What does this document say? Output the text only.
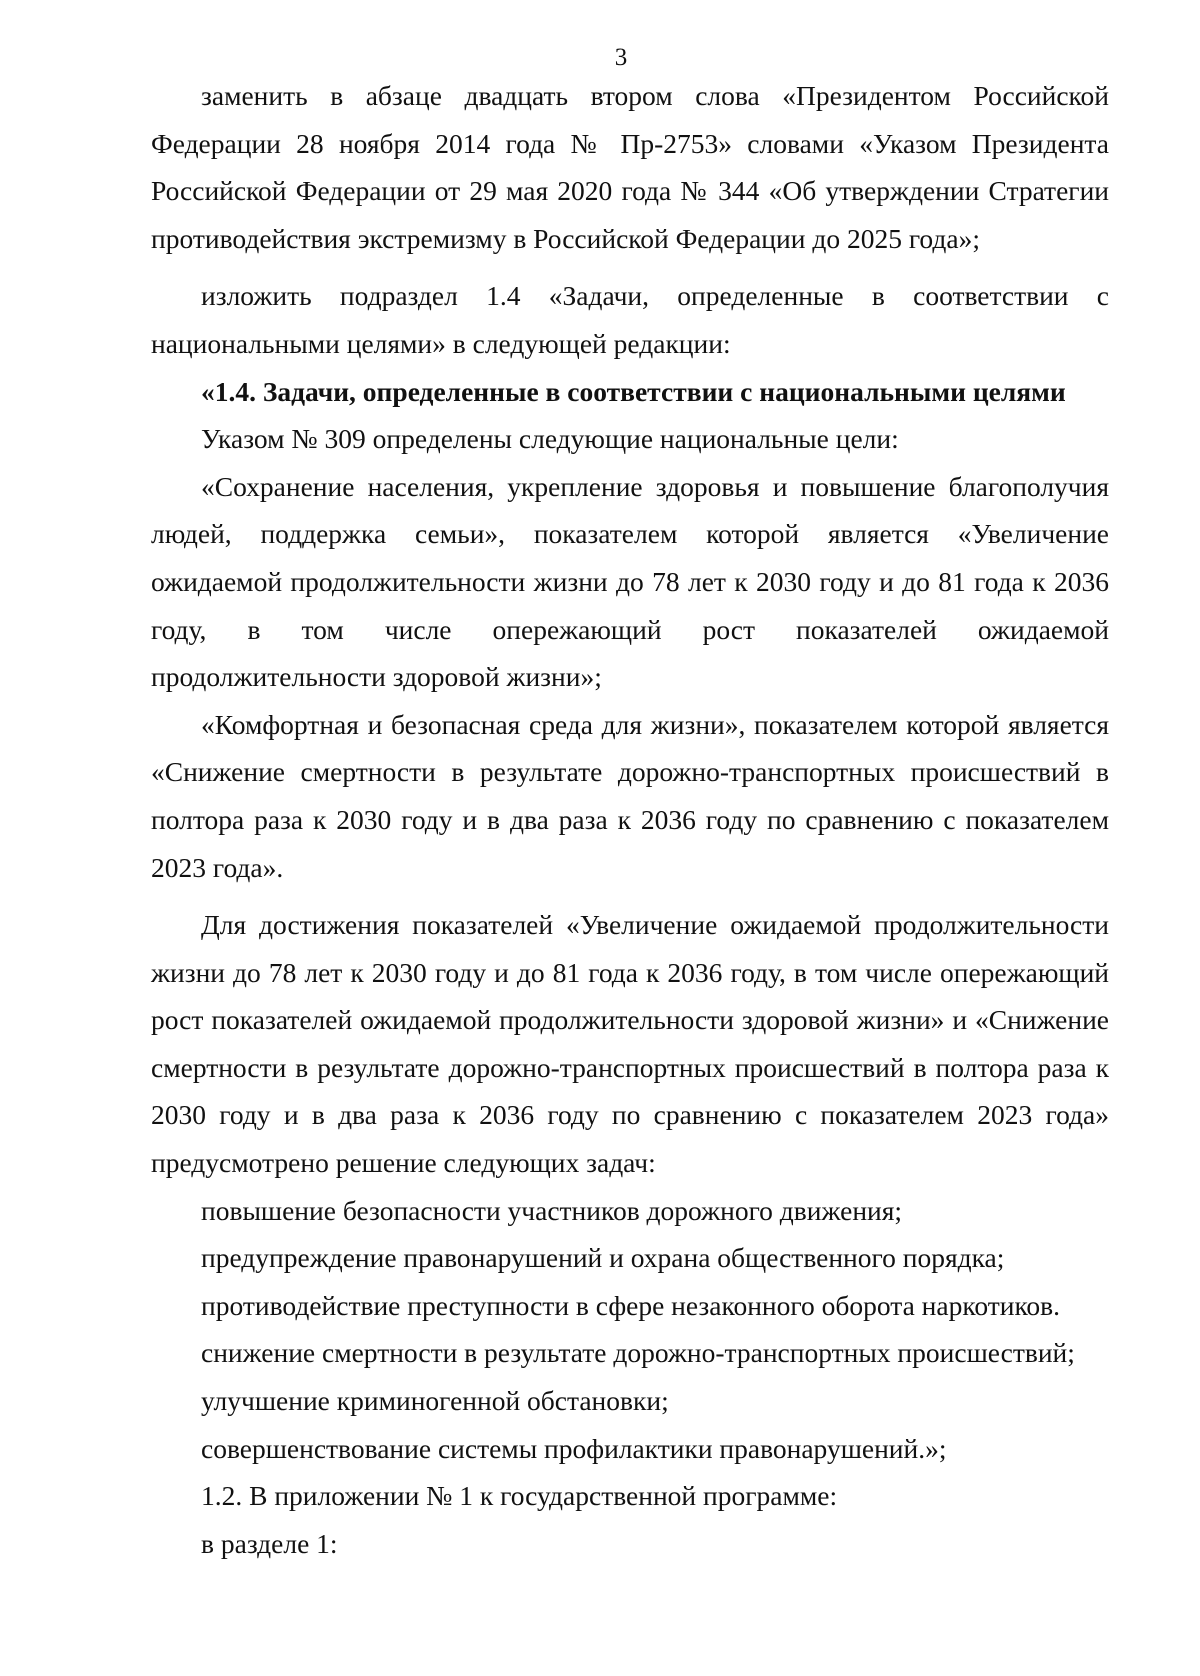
3

заменить в абзаце двадцать втором слова «Президентом Российской Федерации 28 ноября 2014 года № Пр-2753» словами «Указом Президента Российской Федерации от 29 мая 2020 года № 344 «Об утверждении Стратегии противодействия экстремизму в Российской Федерации до 2025 года»;

изложить подраздел 1.4 «Задачи, определенные в соответствии с национальными целями» в следующей редакции:

«1.4. Задачи, определенные в соответствии с национальными целями

Указом № 309 определены следующие национальные цели:

«Сохранение населения, укрепление здоровья и повышение благополучия людей, поддержка семьи», показателем которой является «Увеличение ожидаемой продолжительности жизни до 78 лет к 2030 году и до 81 года к 2036 году, в том числе опережающий рост показателей ожидаемой продолжительности здоровой жизни»;

«Комфортная и безопасная среда для жизни», показателем которой является «Снижение смертности в результате дорожно-транспортных происшествий в полтора раза к 2030 году и в два раза к 2036 году по сравнению с показателем 2023 года».

Для достижения показателей «Увеличение ожидаемой продолжительности жизни до 78 лет к 2030 году и до 81 года к 2036 году, в том числе опережающий рост показателей ожидаемой продолжительности здоровой жизни» и «Снижение смертности в результате дорожно-транспортных происшествий в полтора раза к 2030 году и в два раза к 2036 году по сравнению с показателем 2023 года» предусмотрено решение следующих задач:

повышение безопасности участников дорожного движения;

предупреждение правонарушений и охрана общественного порядка;

противодействие преступности в сфере незаконного оборота наркотиков.

снижение смертности в результате дорожно-транспортных происшествий;

улучшение криминогенной обстановки;

совершенствование системы профилактики правонарушений.»;

1.2. В приложении № 1 к государственной программе:

в разделе 1:
